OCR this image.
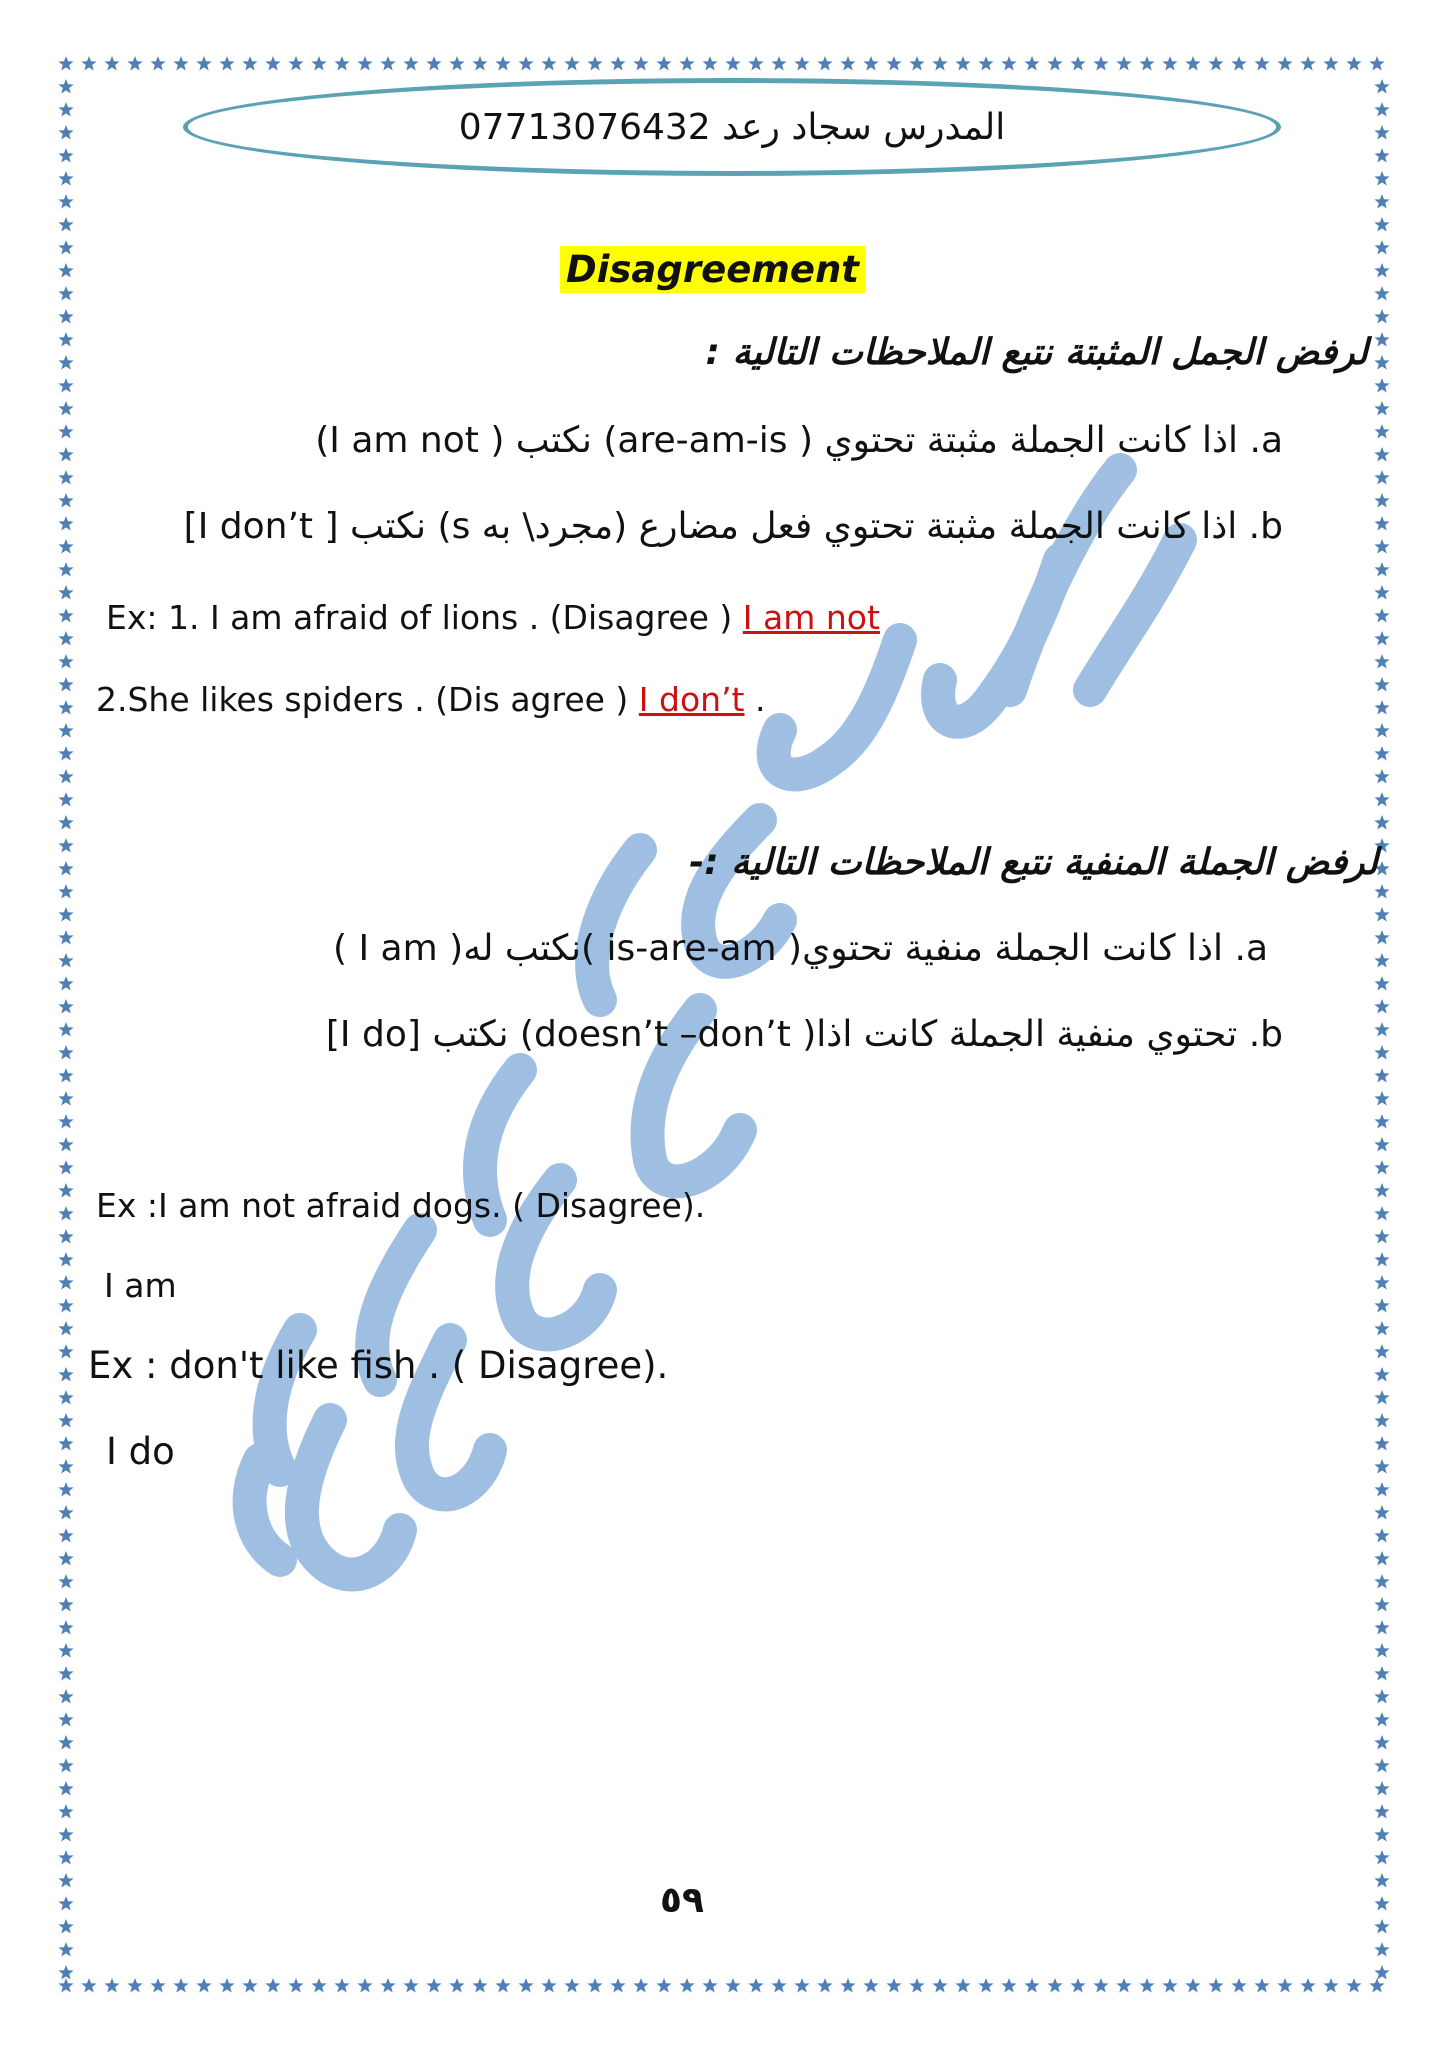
المدرس سجاد رعد 07713076432
Disagreement
لرفض الجمل المثبتة نتبع الملاحظات التالية :
a. اذا كانت الجملة مثبتة تحتوي ( are-am-is) نكتب ( I am not)
b. اذا كانت الجملة مثبتة تحتوي فعل مضارع (مجرد\ به s) نكتب [ I don’t]
Ex: 1. I am afraid of lions . (Disagree ) I am not
2.She likes spiders . (Dis agree ) I don’t .
لرفض الجملة المنفية نتبع الملاحظات التالية :-
a. اذا كانت الجملة منفية تحتوي( is-are-am )نكتب له( I am )
b. تحتوي منفية الجملة كانت اذا( doesn’t –don’t) نكتب [I do]
Ex :I am not afraid dogs. ( Disagree).
I am
Ex : don't like fish . ( Disagree).
I do
٥٩
